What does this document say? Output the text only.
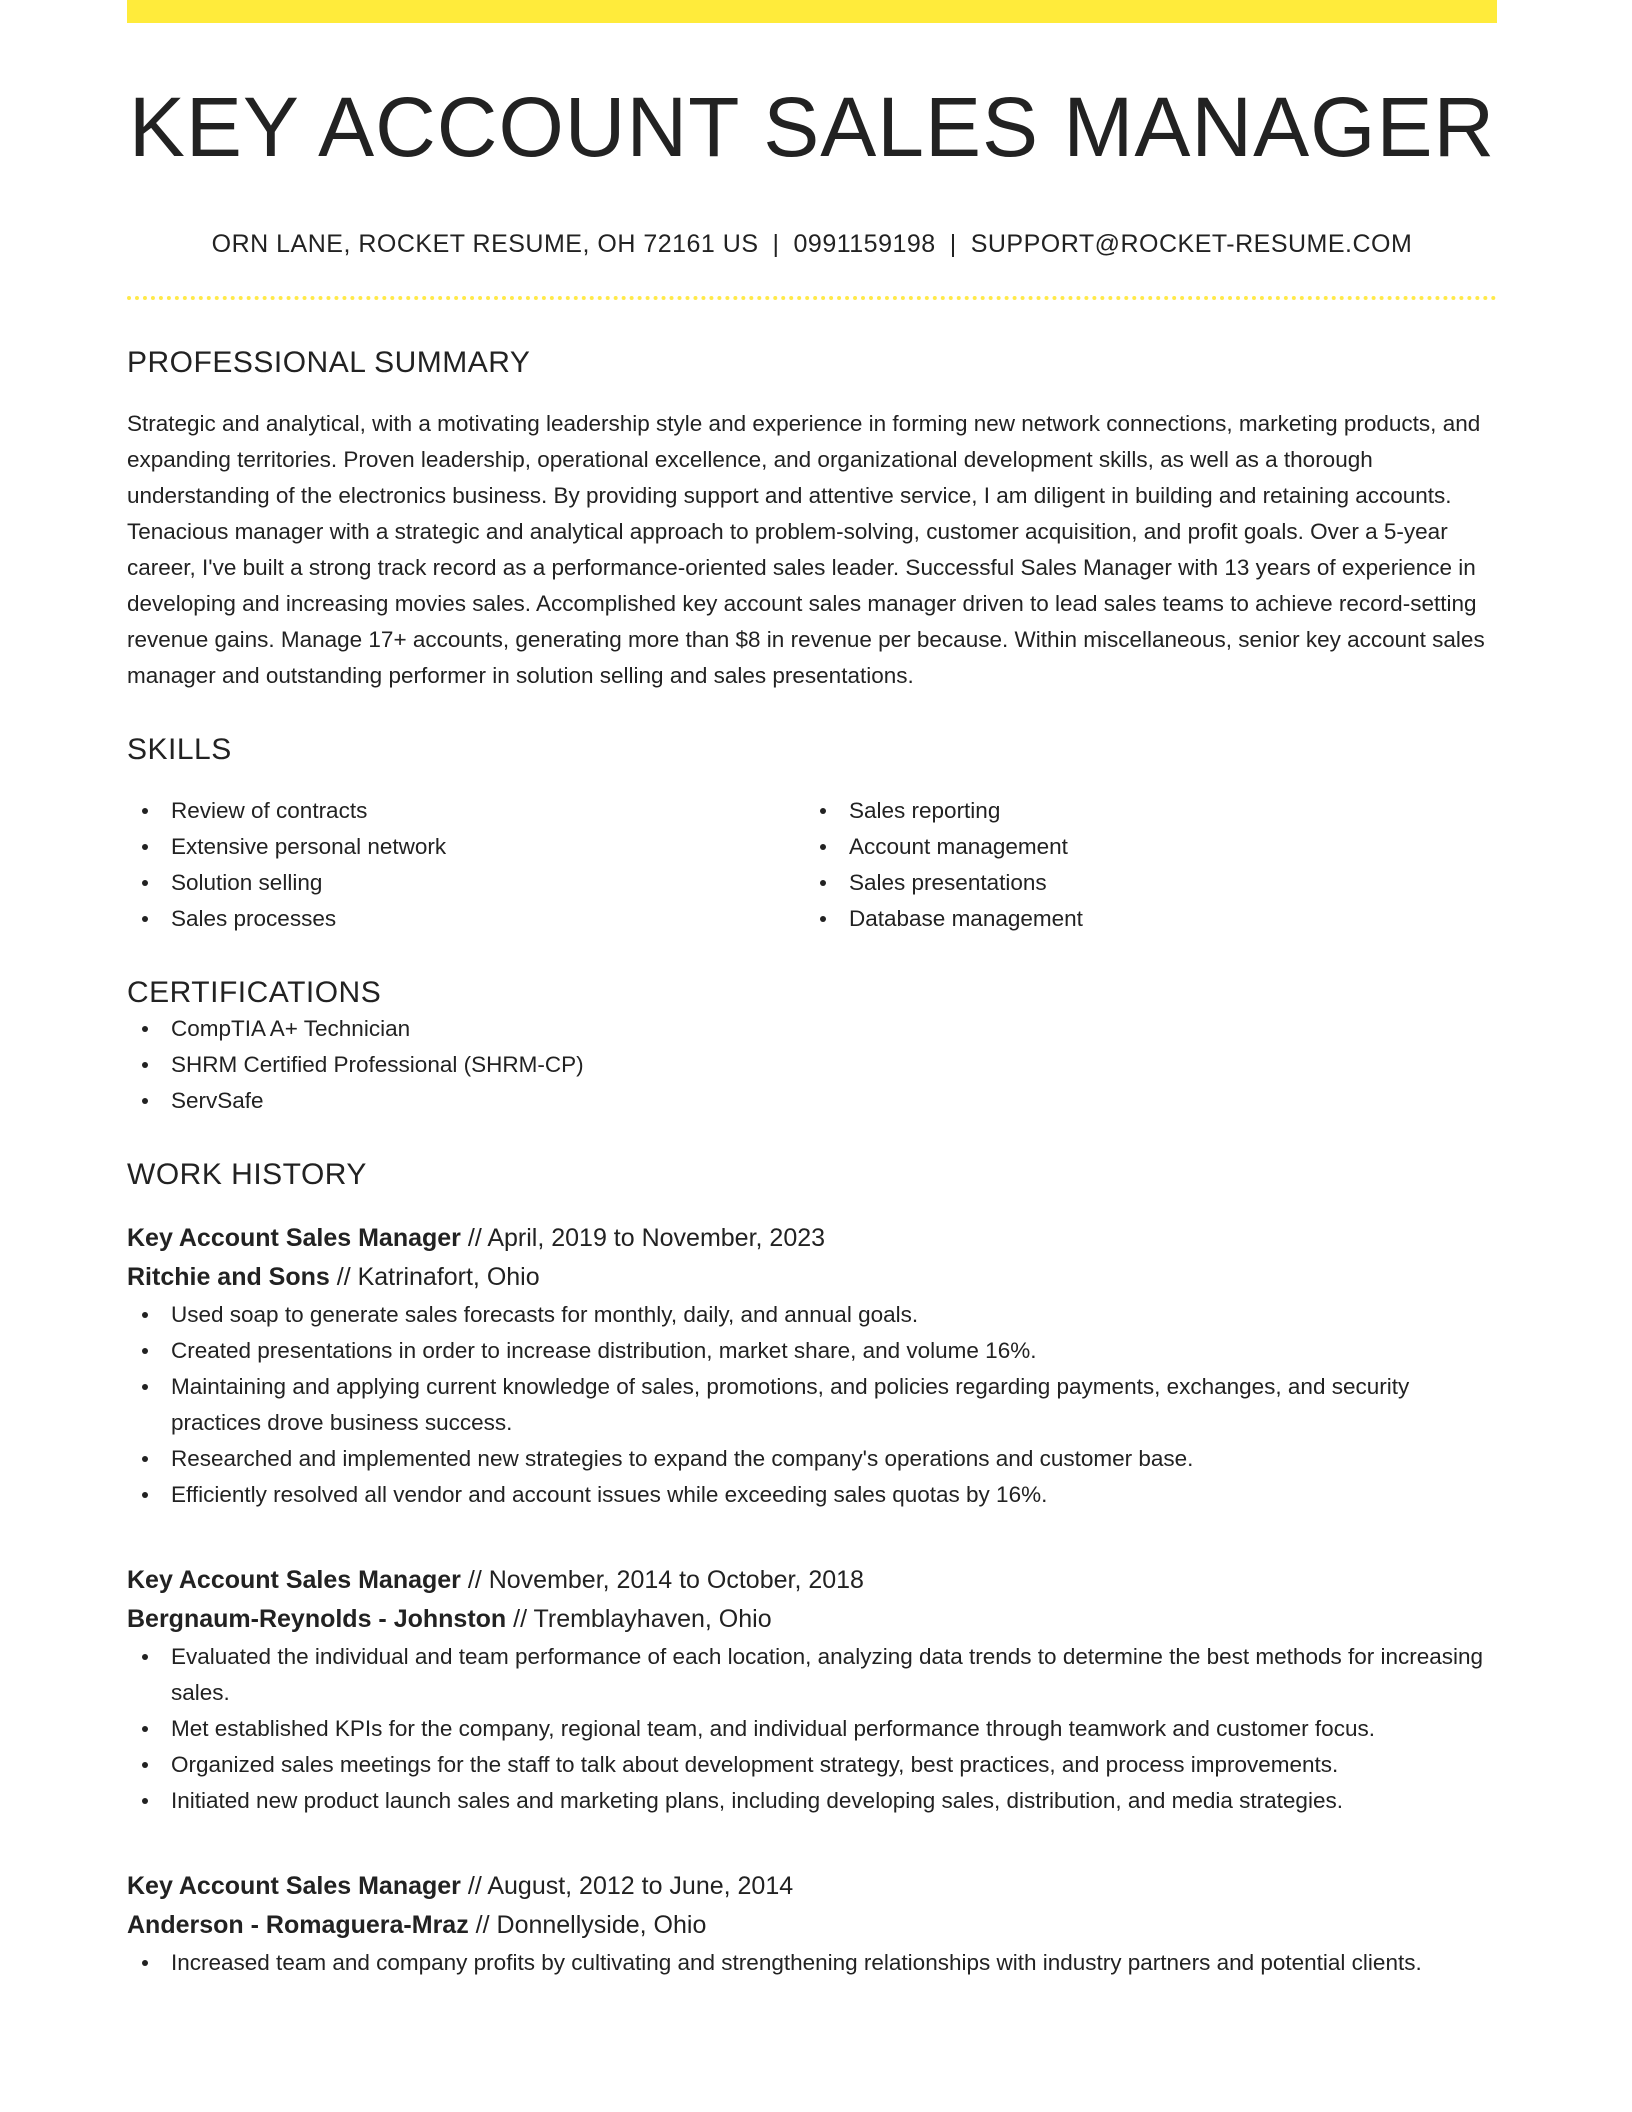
KEY ACCOUNT SALES MANAGER
ORN LANE, ROCKET RESUME, OH 72161 US | 0991159198 | SUPPORT@ROCKET-RESUME.COM
PROFESSIONAL SUMMARY

Strategic and analytical, with a motivating leadership style and experience in forming new network connections, marketing products, and expanding territories. Proven leadership, operational excellence, and organizational development skills, as well as a thorough understanding of the electronics business. By providing support and attentive service, I am diligent in building and retaining accounts. Tenacious manager with a strategic and analytical approach to problem-solving, customer acquisition, and profit goals. Over a 5-year career, I've built a strong track record as a performance-oriented sales leader. Successful Sales Manager with 13 years of experience in developing and increasing movies sales. Accomplished key account sales manager driven to lead sales teams to achieve record-setting revenue gains. Manage 17+ accounts, generating more than $8 in revenue per because. Within miscellaneous, senior key account sales manager and outstanding performer in solution selling and sales presentations.

SKILLS
Review of contracts
Extensive personal network
Solution selling
Sales processes
Sales reporting
Account management
Sales presentations
Database management
CERTIFICATIONS
CompTIA A+ Technician
SHRM Certified Professional (SHRM-CP)
ServSafe
WORK HISTORY
Key Account Sales Manager // April, 2019 to November, 2023
Ritchie and Sons // Katrinafort, Ohio
Used soap to generate sales forecasts for monthly, daily, and annual goals.
Created presentations in order to increase distribution, market share, and volume 16%.
Maintaining and applying current knowledge of sales, promotions, and policies regarding payments, exchanges, and security practices drove business success.
Researched and implemented new strategies to expand the company's operations and customer base.
Efficiently resolved all vendor and account issues while exceeding sales quotas by 16%.
Key Account Sales Manager // November, 2014 to October, 2018
Bergnaum-Reynolds - Johnston // Tremblayhaven, Ohio
Evaluated the individual and team performance of each location, analyzing data trends to determine the best methods for increasing sales.
Met established KPIs for the company, regional team, and individual performance through teamwork and customer focus.
Organized sales meetings for the staff to talk about development strategy, best practices, and process improvements.
Initiated new product launch sales and marketing plans, including developing sales, distribution, and media strategies.
Key Account Sales Manager // August, 2012 to June, 2014
Anderson - Romaguera-Mraz // Donnellyside, Ohio
Increased team and company profits by cultivating and strengthening relationships with industry partners and potential clients.
